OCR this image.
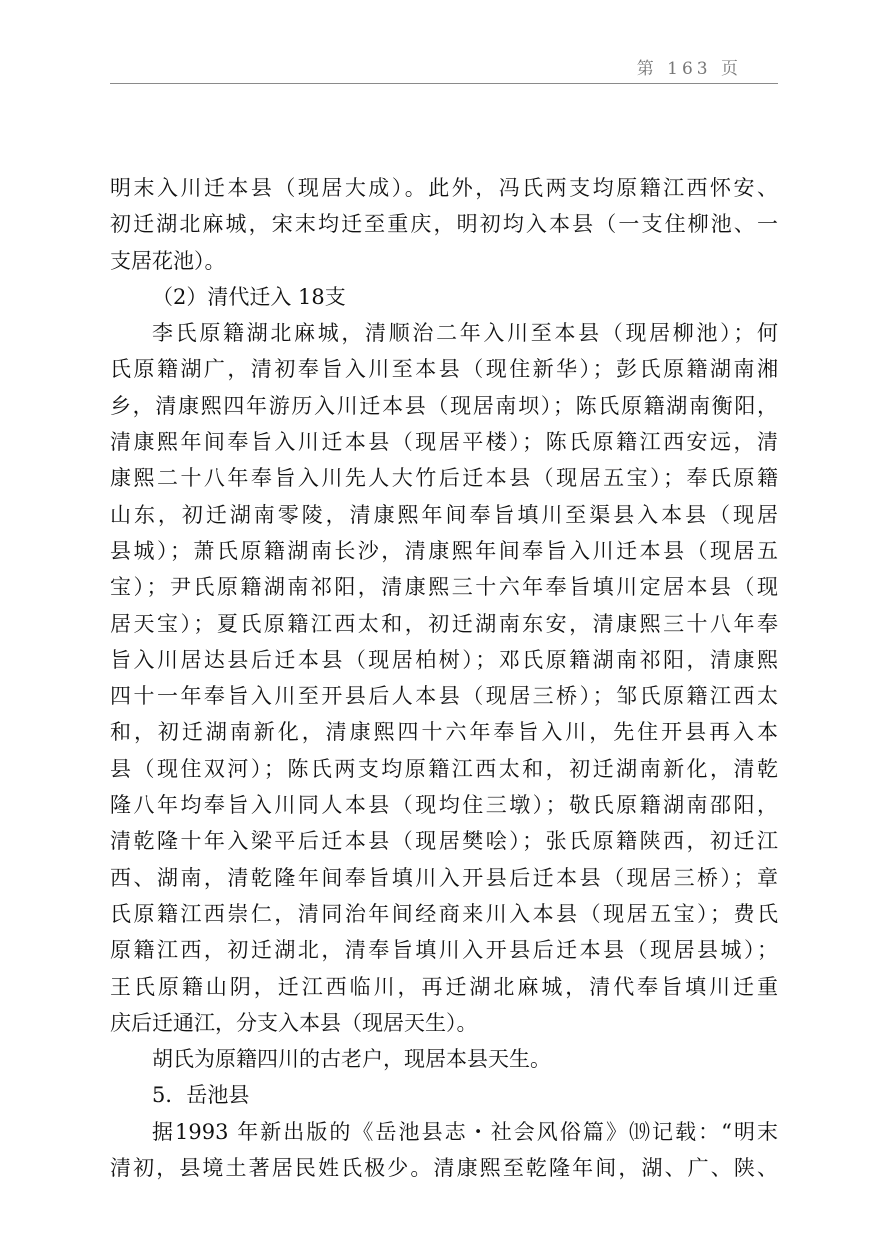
第 163 页
明末入川迁本县（现居大成）。此外，冯氏两支均原籍江西怀安、
初迁湖北麻城，宋末均迁至重庆，明初均入本县（一支住柳池、一
支居花池）。
（2）清代迁入 18支
李氏原籍湖北麻城，清顺治二年入川至本县（现居柳池）；何
氏原籍湖广，清初奉旨入川至本县（现住新华）；彭氏原籍湖南湘
乡，清康熙四年游历入川迁本县（现居南坝）；陈氏原籍湖南衡阳，
清康熙年间奉旨入川迁本县（现居平楼）；陈氏原籍江西安远，清
康熙二十八年奉旨入川先人大竹后迁本县（现居五宝）；奉氏原籍
山东，初迁湖南零陵，清康熙年间奉旨填川至渠县入本县（现居
县城）；萧氏原籍湖南长沙，清康熙年间奉旨入川迁本县（现居五
宝）；尹氏原籍湖南祁阳，清康熙三十六年奉旨填川定居本县（现
居天宝）；夏氏原籍江西太和，初迁湖南东安，清康熙三十八年奉
旨入川居达县后迁本县（现居柏树）；邓氏原籍湖南祁阳，清康熙
四十一年奉旨入川至开县后人本县（现居三桥）；邹氏原籍江西太
和，初迁湖南新化，清康熙四十六年奉旨入川，先住开县再入本
县（现住双河）；陈氏两支均原籍江西太和，初迁湖南新化，清乾
隆八年均奉旨入川同人本县（现均住三墩）；敬氏原籍湖南邵阳，
清乾隆十年入梁平后迁本县（现居樊哙）；张氏原籍陕西，初迁江
西、湖南，清乾隆年间奉旨填川入开县后迁本县（现居三桥）；章
氏原籍江西崇仁，清同治年间经商来川入本县（现居五宝）；费氏
原籍江西，初迁湖北，清奉旨填川入开县后迁本县（现居县城）；
王氏原籍山阴，迁江西临川，再迁湖北麻城，清代奉旨填川迁重
庆后迁通江，分支入本县（现居天生）。
胡氏为原籍四川的古老户，现居本县天生。
5．岳池县
据1993 年新出版的《岳池县志・社会风俗篇》⒆记载：“明末
清初，县境土著居民姓氏极少。清康熙至乾隆年间，湖、广、陕、
